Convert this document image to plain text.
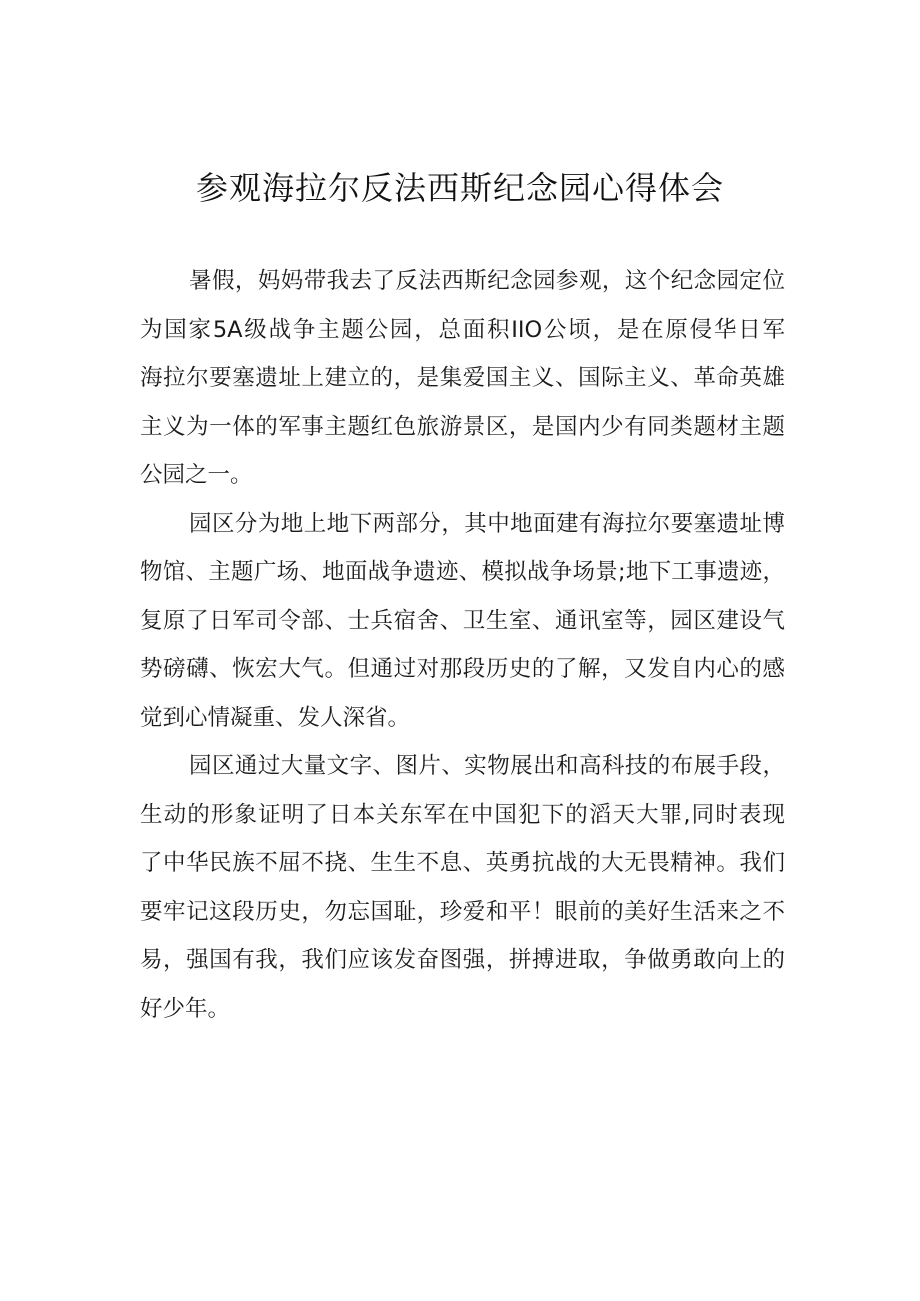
参观海拉尔反法西斯纪念园心得体会
暑假，妈妈带我去了反法西斯纪念园参观，这个纪念园定位
为国家5A级战争主题公园，总面积IIO公顷，是在原侵华日军
海拉尔要塞遗址上建立的，是集爱国主义、国际主义、革命英雄
主义为一体的军事主题红色旅游景区，是国内少有同类题材主题
公园之一。
园区分为地上地下两部分，其中地面建有海拉尔要塞遗址博
物馆、主题广场、地面战争遗迹、模拟战争场景;地下工事遗迹，
复原了日军司令部、士兵宿舍、卫生室、通讯室等，园区建设气
势磅礴、恢宏大气。但通过对那段历史的了解，又发自内心的感
觉到心情凝重、发人深省。
园区通过大量文字、图片、实物展出和高科技的布展手段，
生动的形象证明了日本关东军在中国犯下的滔天大罪,同时表现
了中华民族不屈不挠、生生不息、英勇抗战的大无畏精神。我们
要牢记这段历史，勿忘国耻，珍爱和平！眼前的美好生活来之不
易，强国有我，我们应该发奋图强，拼搏进取，争做勇敢向上的
好少年。
